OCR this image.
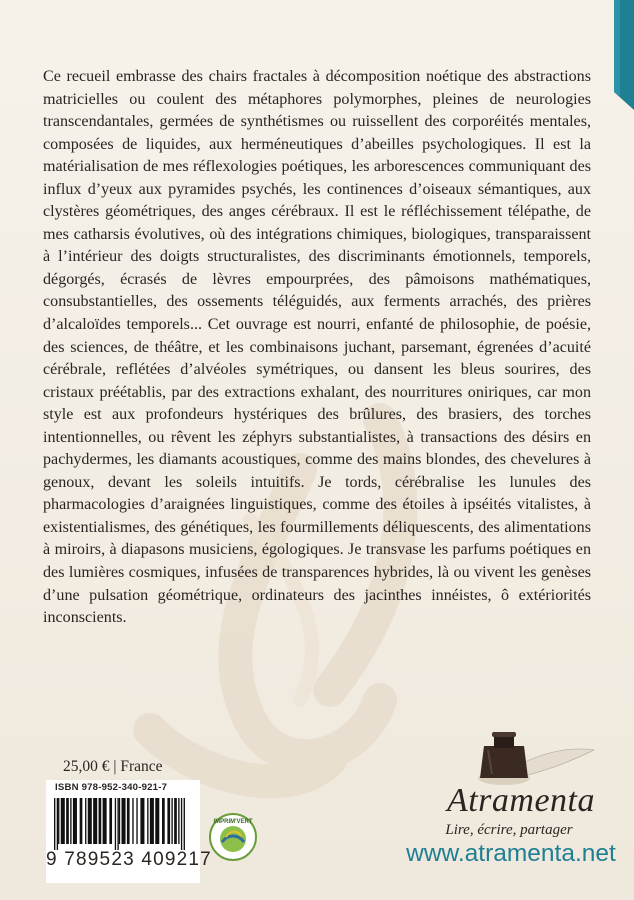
Ce recueil embrasse des chairs fractales à décomposition noétique des abstractions matricielles ou coulent des métaphores polymorphes, pleines de neurologies transcendantales, germées de synthétismes ou ruissellent des corporéités mentales, composées de liquides, aux herméneutiques d’abeilles psychologiques. Il est la matérialisation de mes réflexologies poétiques, les arborescences communiquant des influx d’yeux aux pyramides psychés, les continences d’oiseaux sémantiques, aux clystères géométriques, des anges cérébraux. Il est le réfléchissement télépathe, de mes catharsis évolutives, où des intégrations chimiques, biologiques, transparaissent à l’intérieur des doigts structuralistes, des discriminants émotionnels, temporels, dégorgés, écrasés de lèvres empourprées, des pâmoisons mathématiques, consubstantielles, des ossements téléguidés, aux ferments arrachés, des prières d’alcaloïdes temporels... Cet ouvrage est nourri, enfanté de philosophie, de poésie, des sciences, de théâtre, et les combinaisons juchant, parsemant, égrenées d’acuité cérébrale, reflétées d’alvéoles symétriques, ou dansent les bleus sourires, des cristaux préétablis, par des extractions exhalant, des nourritures oniriques, car mon style est aux profondeurs hystériques des brûlures, des brasiers, des torches intentionnelles, ou rêvent les zéphyrs substantialistes, à transactions des désirs en pachydermes, les diamants acoustiques, comme des mains blondes, des chevelures à genoux, devant les soleils intuitifs. Je tords, cérébralise les lunules des pharmacologies d’araignées linguistiques, comme des étoiles à ipséités vitalistes, à existentialismes, des génétiques, les fourmillements déliquescents, des alimentations à miroirs, à diapasons musiciens, égologiques. Je transvase les parfums poétiques en des lumières cosmiques, infusées de transparences hybrides, là ou vivent les genèses d’une pulsation géométrique, ordinateurs des jacinthes innéistes, ô extériorités inconscients.

25,00 € | France

ISBN 978-952-340-921-7
9 789523 409217
IMPRIM'VERT
Atramenta
Lire, écrire, partager
www.atramenta.net
